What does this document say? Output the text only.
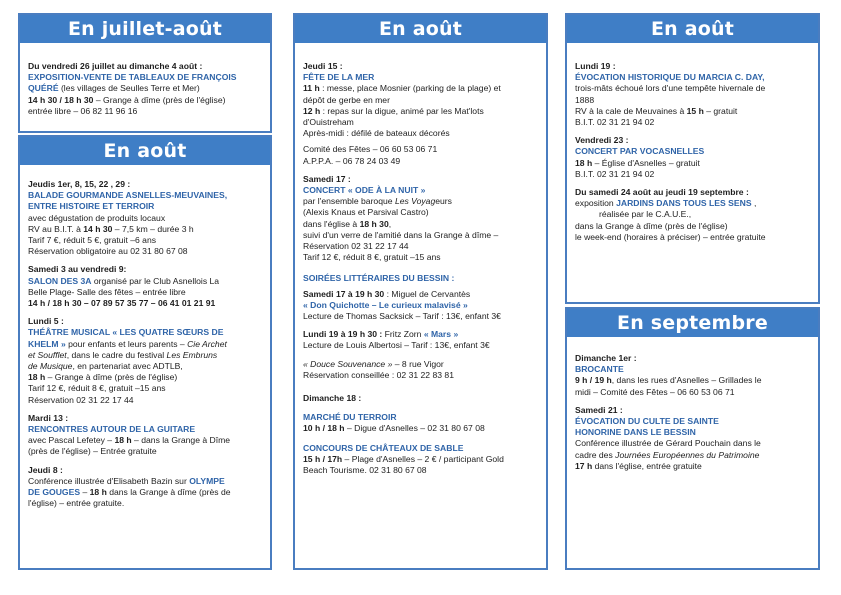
En juillet-août
Du vendredi 26 juillet au dimanche 4 août :
EXPOSITION-VENTE DE TABLEAUX DE FRANÇOIS
QUÉRÉ (les villages de Seulles Terre et Mer)
14 h 30 / 18 h 30 – Grange à dîme (près de l'église)
entrée libre – 06 82 11 96 16
En août
Jeudis 1er, 8, 15, 22 , 29 :
BALADE GOURMANDE ASNELLES-MEUVAINES,
ENTRE HISTOIRE ET TERROIR
avec dégustation de produits locaux
RV au B.I.T. à 14 h 30 – 7,5 km – durée 3 h
Tarif 7 €, réduit 5 €, gratuit –6 ans
Réservation obligatoire au 02 31 80 67 08
Samedi 3 au vendredi 9:
SALON DES 3A organisé par le Club Asnellois La
Belle Plage- Salle des fêtes – entrée libre
14 h / 18 h 30 – 07 89 57 35 77 – 06 41 01 21 91
Lundi 5 :
THÉÂTRE MUSICAL « LES QUATRE SŒURS DE
KHELM » pour enfants et leurs parents – Cie Archet
et Soufflet, dans le cadre du festival Les Embruns
de Musique, en partenariat avec ADTLB,
18 h – Grange à dîme (près de l'église)
Tarif 12 €, réduit 8 €, gratuit –15 ans
Réservation 02 31 22 17 44
Mardi 13 :
RENCONTRES AUTOUR DE LA GUITARE
avec Pascal Lefetey – 18 h – dans la Grange à Dîme
(près de l'église) – Entrée gratuite
Jeudi 8 :
Conférence illustrée d'Elisabeth Bazin sur OLYMPE
DE GOUGES – 18 h dans la Grange à dîme (près de
l'église) – entrée gratuite.
En août
Jeudi 15 :
FÊTE DE LA MER
11 h : messe, place Mosnier (parking de la plage) et
dépôt de gerbe en mer
12 h : repas sur la digue, animé par les Mat'lots
d'Ouistreham
Après-midi : défilé de bateaux décorés
Comité des Fêtes – 06 60 53 06 71
A.P.P.A. – 06 78 24 03 49
Samedi 17 :
CONCERT « ODE À LA NUIT »
par l'ensemble baroque Les Voyageurs
(Alexis Knaus et Parsival Castro)
dans l'église à 18 h 30,
suivi d'un verre de l'amitié dans la Grange à dîme –
Réservation 02 31 22 17 44
Tarif 12 €, réduit 8 €, gratuit –15 ans
SOIRÉES LITTÉRAIRES DU BESSIN :
Samedi 17 à 19 h 30 : Miguel de Cervantès
« Don Quichotte – Le curieux malavisé »
Lecture de Thomas Sacksick – Tarif : 13€, enfant 3€
Lundi 19 à 19 h 30 : Fritz Zorn « Mars »
Lecture de Louis Albertosi – Tarif : 13€, enfant 3€
« Douce Souvenance » – 8 rue Vigor
Réservation conseillée : 02 31 22 83 81
Dimanche 18 :
MARCHÉ DU TERROIR
10 h / 18 h – Digue d'Asnelles – 02 31 80 67 08
CONCOURS DE CHÂTEAUX DE SABLE
15 h / 17h – Plage d'Asnelles – 2 € / participant Gold
Beach Tourisme. 02 31 80 67 08
En août
Lundi 19 :
ÉVOCATION HISTORIQUE DU MARCIA C. DAY,
trois-mâts échoué lors d'une tempête hivernale de
1888
RV à la cale de Meuvaines à 15 h – gratuit
B.I.T. 02 31 21 94 02
Vendredi 23 :
CONCERT PAR VOCASNELLES
18 h – Église d'Asnelles – gratuit
B.I.T. 02 31 21 94 02
Du samedi 24 août au jeudi 19 septembre :
exposition JARDINS DANS TOUS LES SENS ,
réalisée par le C.A.U.E.,
dans la Grange à dîme (près de l'église)
le week-end (horaires à préciser) – entrée gratuite
En septembre
Dimanche 1er :
BROCANTE
9 h / 19 h, dans les rues d'Asnelles – Grillades le
midi – Comité des Fêtes – 06 60 53 06 71
Samedi 21 :
ÉVOCATION DU CULTE DE SAINTE
HONORINE DANS LE BESSIN
Conférence illustrée de Gérard Pouchain dans le
cadre des Journées Européennes du Patrimoine
17 h dans l'église, entrée gratuite
